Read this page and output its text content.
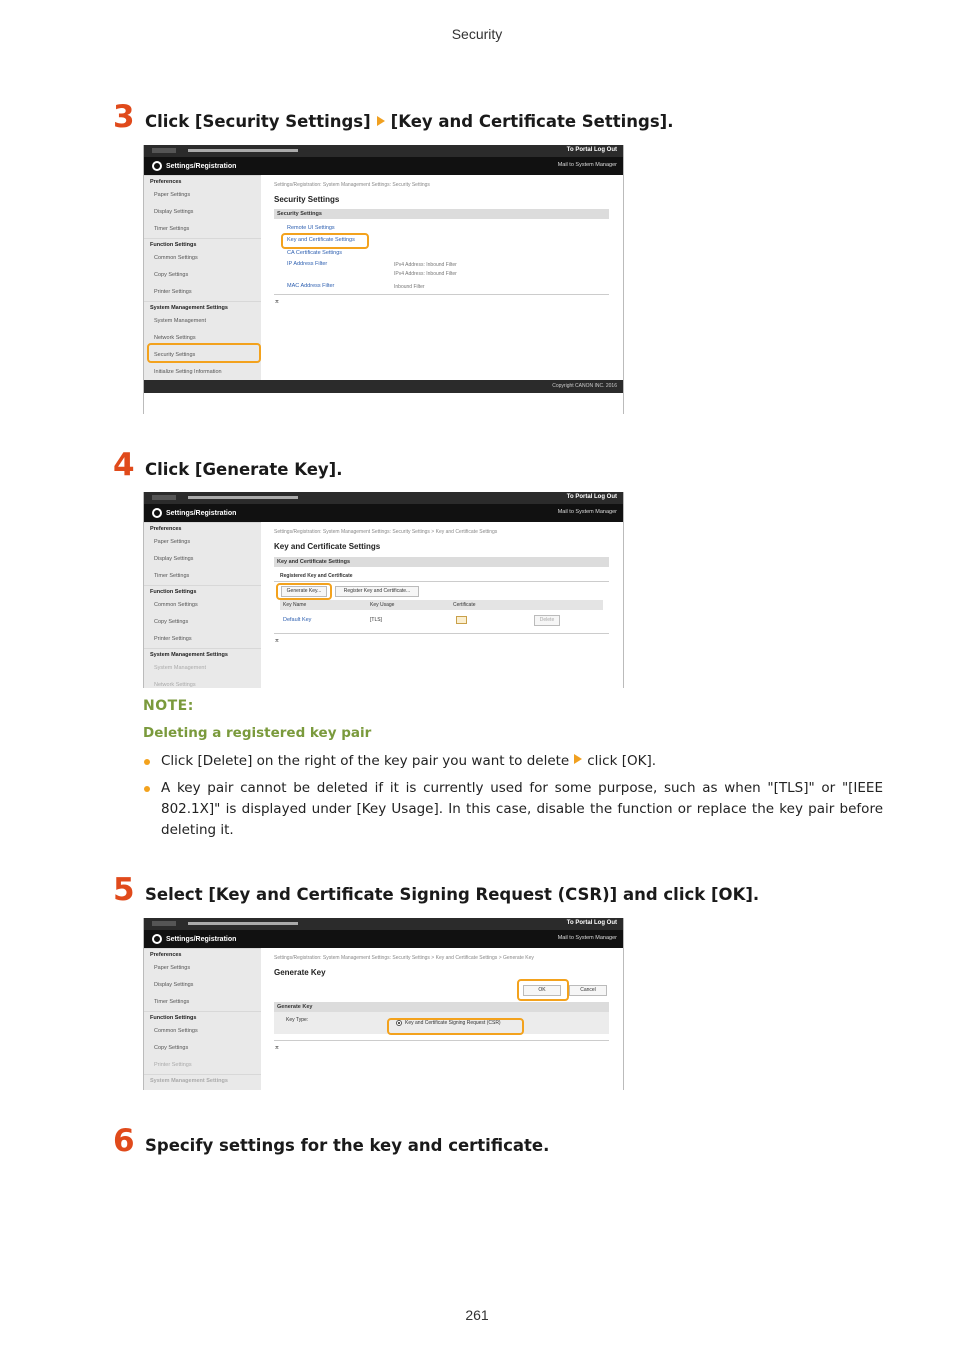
Security
3 Click [Security Settings] [Key and Certificate Settings].
To Portal Log Out
Settings/Registration	Mail to System Manager
Preferences
Paper Settings
Display Settings
Timer Settings
Function Settings
Common Settings
Copy Settings
Printer Settings
System Management Settings
System Management
Network Settings
Security Settings
Initialize Setting Information
Settings/Registration: System Management Settings: Security Settings
Security Settings
Security Settings
Remote UI Settings
Key and Certificate Settings
CA Certificate Settings
IP Address Filter	IPv4 Address: Inbound Filter
IPv4 Address: Inbound Filter
MAC Address Filter	Inbound Filter
⌅
Copyright CANON INC. 2016
4 Click [Generate Key].
To Portal Log Out
Settings/Registration	Mail to System Manager
Preferences
Paper Settings
Display Settings
Timer Settings
Function Settings
Common Settings
Copy Settings
Printer Settings
System Management Settings
System Management
Network Settings
Settings/Registration: System Management Settings: Security Settings > Key and Certificate Settings
Key and Certificate Settings
Key and Certificate Settings
Registered Key and Certificate
Generate Key...	Register Key and Certificate...
Key Name	Key Usage	Certificate
Default Key	[TLS]	Delete
⌅
NOTE:
Deleting a registered key pair
Click [Delete] on the right of the key pair you want to delete click [OK].
A key pair cannot be deleted if it is currently used for some purpose, such as when "[TLS]" or "[IEEE 802.1X]" is displayed under [Key Usage]. In this case, disable the function or replace the key pair before deleting it.
5 Select [Key and Certificate Signing Request (CSR)] and click [OK].
To Portal Log Out
Settings/Registration	Mail to System Manager
Preferences
Paper Settings
Display Settings
Timer Settings
Function Settings
Common Settings
Copy Settings
Printer Settings
System Management Settings
Settings/Registration: System Management Settings: Security Settings > Key and Certificate Settings > Generate Key
Generate Key
OK	Cancel
Generate Key
Key Type:	Key and Certificate Signing Request (CSR)
⌅
6 Specify settings for the key and certificate.
261
